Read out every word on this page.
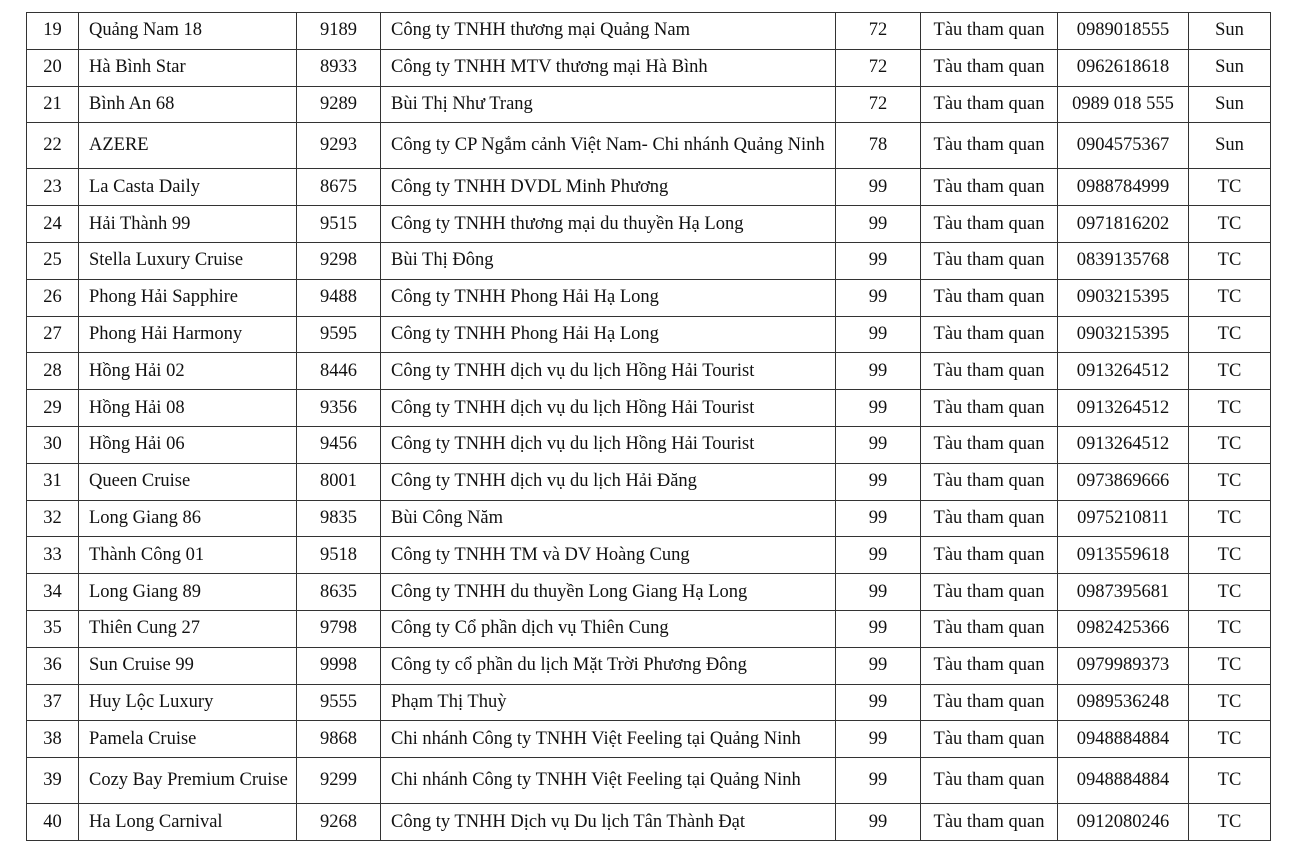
19	Quảng Nam 18	9189	Công ty TNHH thương mại Quảng Nam	72	Tàu tham quan	0989018555	Sun
20	Hà Bình Star	8933	Công ty TNHH MTV thương mại Hà Bình	72	Tàu tham quan	0962618618	Sun
21	Bình An 68	9289	Bùi Thị Như Trang	72	Tàu tham quan	0989 018 555	Sun
22	AZERE	9293	Công ty CP Ngắm cảnh Việt Nam- Chi nhánh Quảng Ninh	78	Tàu tham quan	0904575367	Sun
23	La Casta Daily	8675	Công ty TNHH DVDL Minh Phương	99	Tàu tham quan	0988784999	TC
24	Hải Thành 99	9515	Công ty TNHH thương mại du thuyền Hạ Long	99	Tàu tham quan	0971816202	TC
25	Stella Luxury Cruise	9298	Bùi Thị Đông	99	Tàu tham quan	0839135768	TC
26	Phong Hải Sapphire	9488	Công ty TNHH Phong Hải Hạ Long	99	Tàu tham quan	0903215395	TC
27	Phong Hải Harmony	9595	Công ty TNHH Phong Hải Hạ Long	99	Tàu tham quan	0903215395	TC
28	Hồng Hải 02	8446	Công ty TNHH dịch vụ du lịch Hồng Hải Tourist	99	Tàu tham quan	0913264512	TC
29	Hồng Hải 08	9356	Công ty TNHH dịch vụ du lịch Hồng Hải Tourist	99	Tàu tham quan	0913264512	TC
30	Hồng Hải 06	9456	Công ty TNHH dịch vụ du lịch Hồng Hải Tourist	99	Tàu tham quan	0913264512	TC
31	Queen Cruise	8001	Công ty TNHH dịch vụ du lịch Hải Đăng	99	Tàu tham quan	0973869666	TC
32	Long Giang 86	9835	Bùi Công Năm	99	Tàu tham quan	0975210811	TC
33	Thành Công 01	9518	Công ty TNHH TM và DV Hoàng Cung	99	Tàu tham quan	0913559618	TC
34	Long Giang 89	8635	Công ty TNHH du thuyền Long Giang Hạ Long	99	Tàu tham quan	0987395681	TC
35	Thiên Cung 27	9798	Công ty Cổ phần dịch vụ Thiên Cung	99	Tàu tham quan	0982425366	TC
36	Sun Cruise 99	9998	Công ty cổ phần du lịch Mặt Trời Phương Đông	99	Tàu tham quan	0979989373	TC
37	Huy Lộc Luxury	9555	Phạm Thị Thuỳ	99	Tàu tham quan	0989536248	TC
38	Pamela Cruise	9868	Chi nhánh Công ty TNHH Việt Feeling tại Quảng Ninh	99	Tàu tham quan	0948884884	TC
39	Cozy Bay Premium Cruise	9299	Chi nhánh Công ty TNHH Việt Feeling tại Quảng Ninh	99	Tàu tham quan	0948884884	TC
40	Ha Long Carnival	9268	Công ty TNHH Dịch vụ Du lịch Tân Thành Đạt	99	Tàu tham quan	0912080246	TC
